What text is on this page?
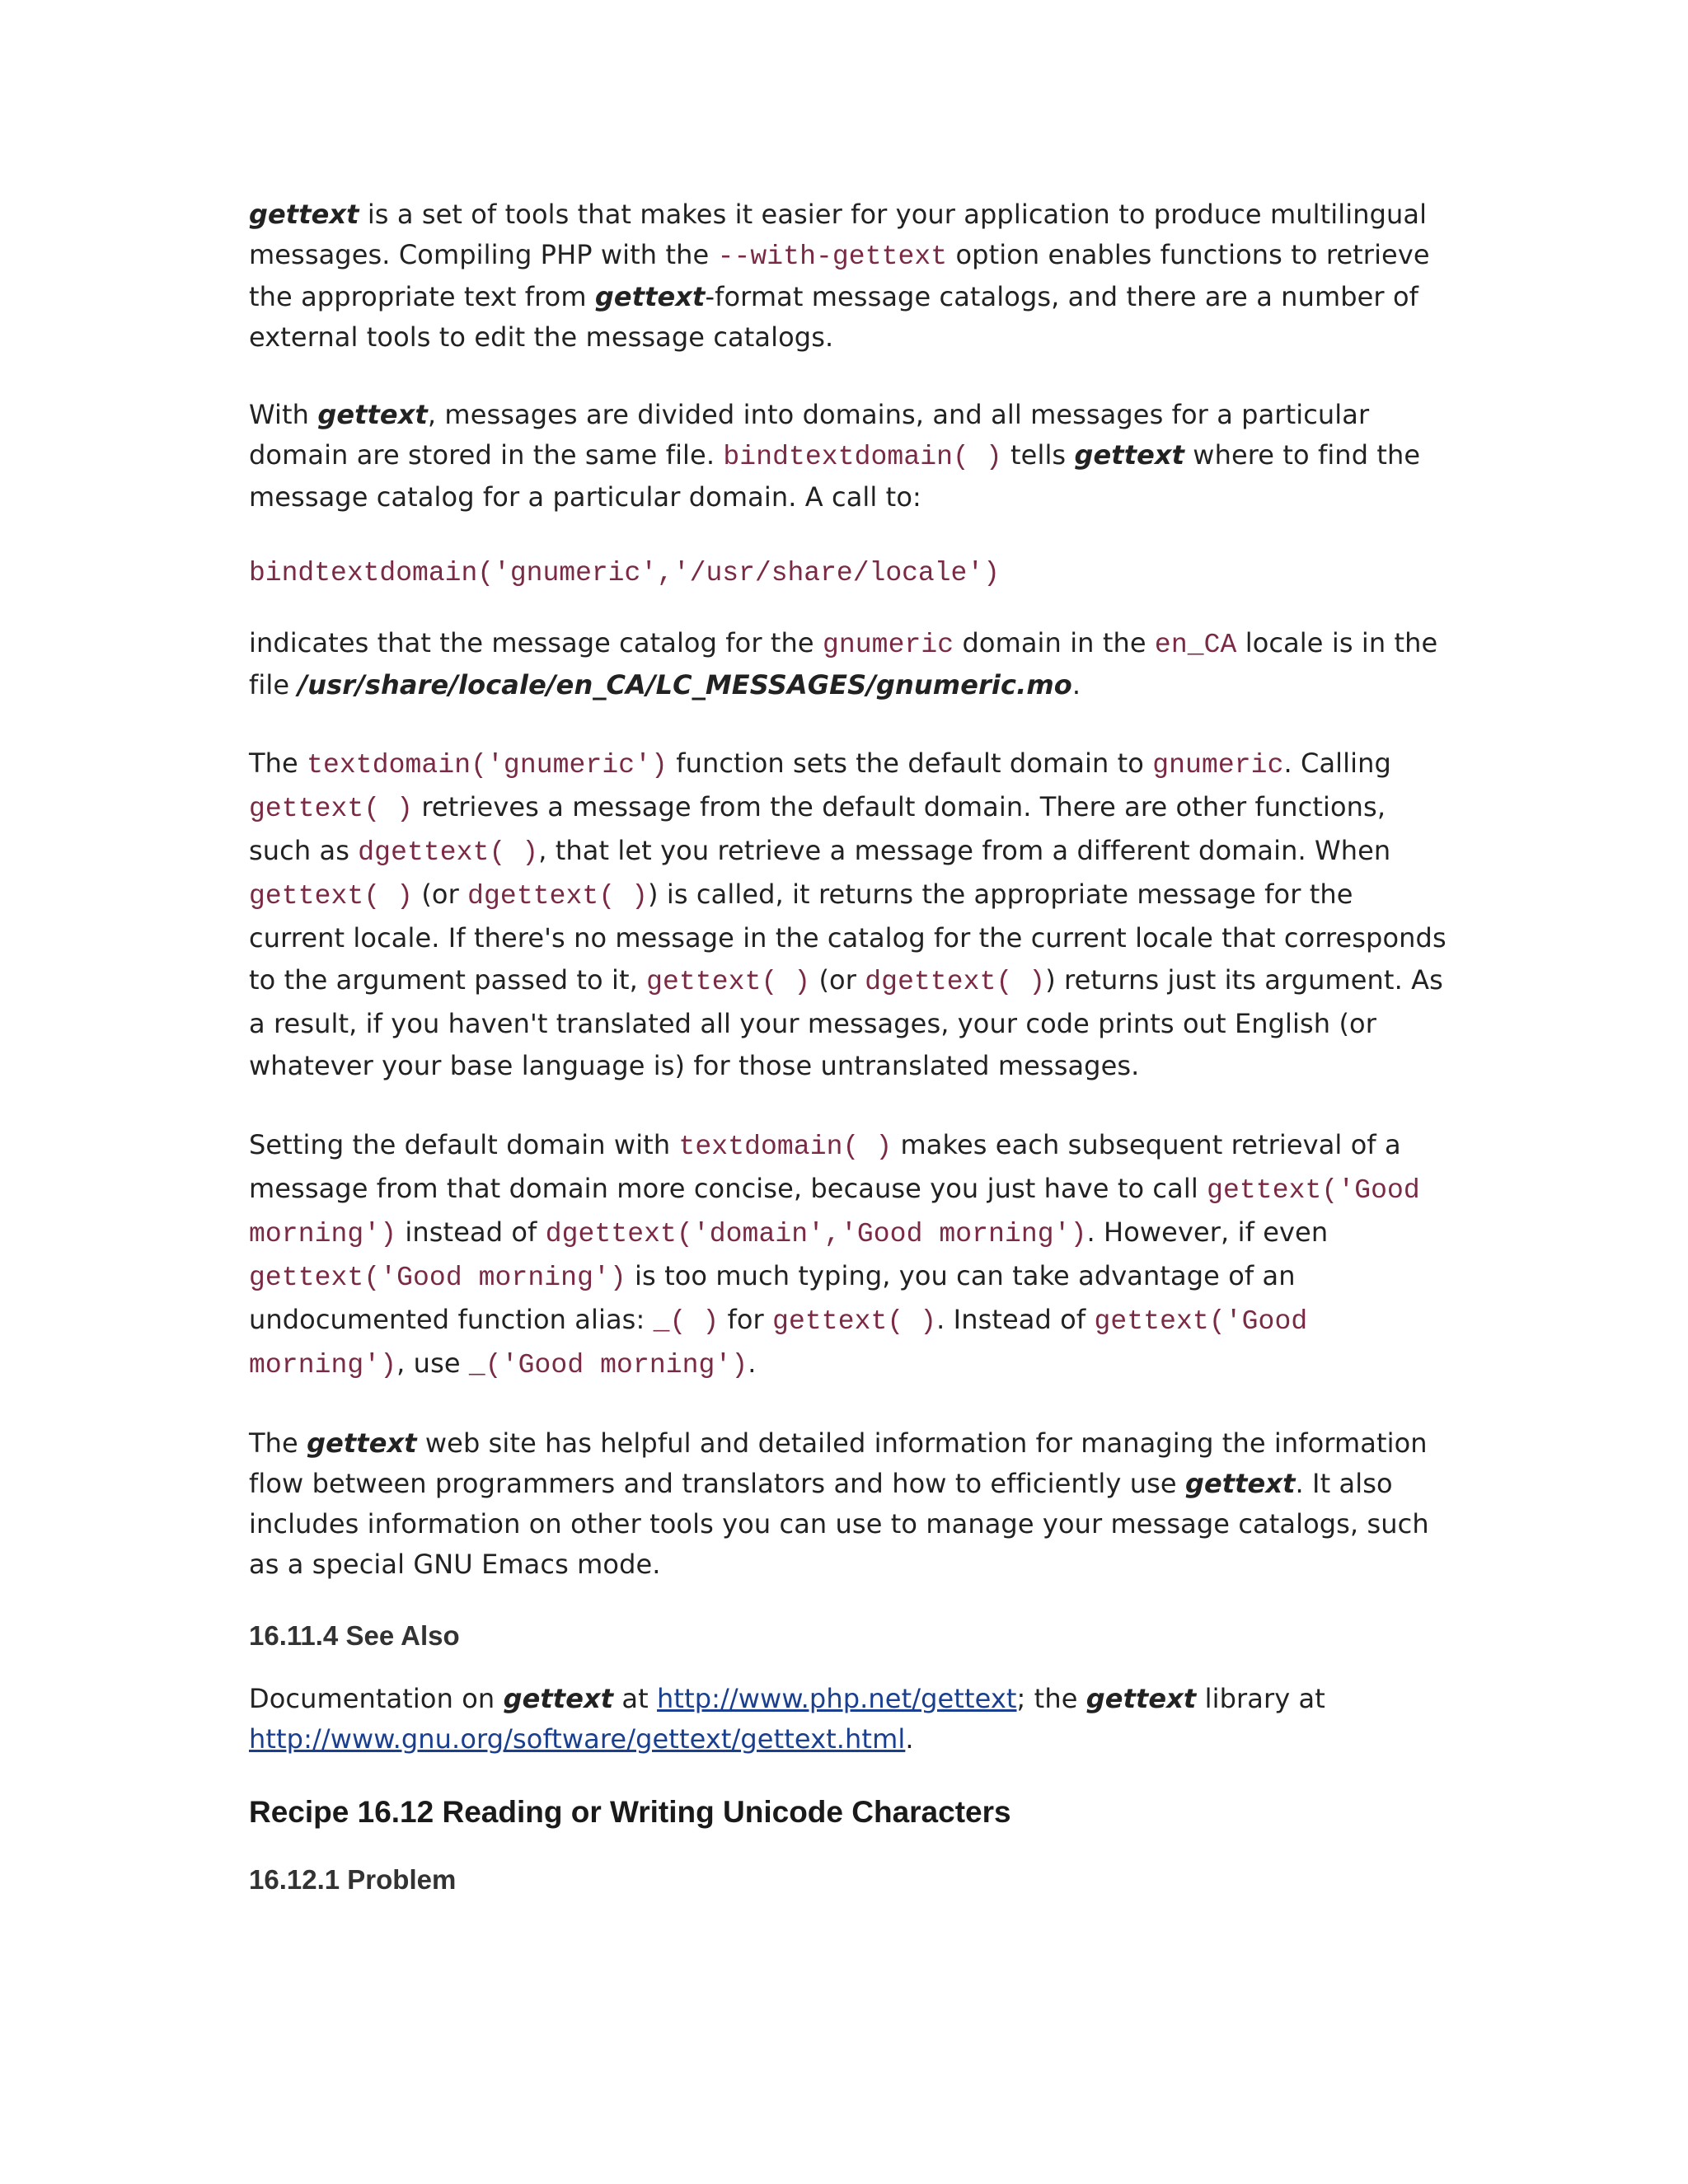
gettext is a set of tools that makes it easier for your application to produce multilingual messages. Compiling PHP with the --with-gettext option enables functions to retrieve the appropriate text from gettext-format message catalogs, and there are a number of external tools to edit the message catalogs.

With gettext, messages are divided into domains, and all messages for a particular domain are stored in the same file. bindtextdomain( ) tells gettext where to find the message catalog for a particular domain. A call to:

bindtextdomain('gnumeric','/usr/share/locale')

indicates that the message catalog for the gnumeric domain in the en_CA locale is in the file /usr/share/locale/en_CA/LC_MESSAGES/gnumeric.mo.

The textdomain('gnumeric') function sets the default domain to gnumeric. Calling gettext( ) retrieves a message from the default domain. There are other functions, such as dgettext( ), that let you retrieve a message from a different domain. When gettext( ) (or dgettext( )) is called, it returns the appropriate message for the current locale. If there's no message in the catalog for the current locale that corresponds to the argument passed to it, gettext( ) (or dgettext( )) returns just its argument. As a result, if you haven't translated all your messages, your code prints out English (or whatever your base language is) for those untranslated messages.

Setting the default domain with textdomain( ) makes each subsequent retrieval of a message from that domain more concise, because you just have to call gettext('Good morning') instead of dgettext('domain','Good morning'). However, if even gettext('Good morning') is too much typing, you can take advantage of an undocumented function alias: _( ) for gettext( ). Instead of gettext('Good morning'), use _('Good morning').

The gettext web site has helpful and detailed information for managing the information flow between programmers and translators and how to efficiently use gettext. It also includes information on other tools you can use to manage your message catalogs, such as a special GNU Emacs mode.

16.11.4 See Also

Documentation on gettext at http://www.php.net/gettext; the gettext library at http://www.gnu.org/software/gettext/gettext.html.

Recipe 16.12 Reading or Writing Unicode Characters
16.12.1 Problem
